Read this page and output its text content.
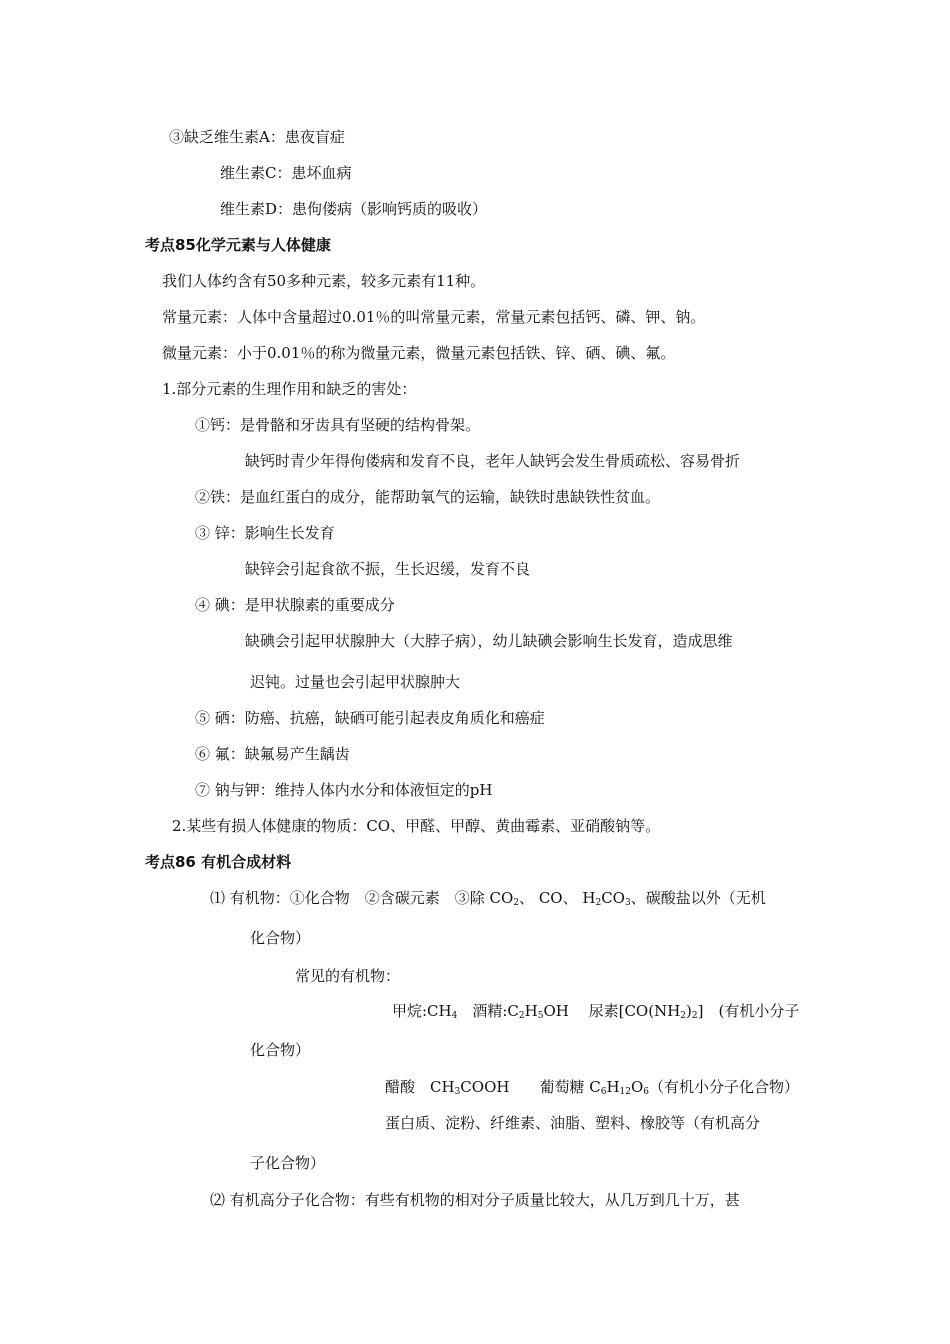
③缺乏维生素A：患夜盲症
维生素C：患坏血病
维生素D：患佝偻病（影响钙质的吸收）
考点85化学元素与人体健康
我们人体约含有50多种元素，较多元素有11种。
常量元素：人体中含量超过0.01％的叫常量元素，常量元素包括钙、磷、钾、钠。
微量元素：小于0.01％的称为微量元素，微量元素包括铁、锌、硒、碘、氟。
1.部分元素的生理作用和缺乏的害处：
①钙：是骨骼和牙齿具有坚硬的结构骨架。
缺钙时青少年得佝偻病和发育不良，老年人缺钙会发生骨质疏松、容易骨折
②铁：是血红蛋白的成分，能帮助氧气的运输，缺铁时患缺铁性贫血。
③ 锌：影响生长发育
缺锌会引起食欲不振，生长迟缓，发育不良
④ 碘：是甲状腺素的重要成分
缺碘会引起甲状腺肿大（大脖子病），幼儿缺碘会影响生长发育，造成思维
迟钝。过量也会引起甲状腺肿大
⑤ 硒：防癌、抗癌，缺硒可能引起表皮角质化和癌症
⑥ 氟：缺氟易产生龋齿
⑦ 钠与钾：维持人体内水分和体液恒定的pH
2.某些有损人体健康的物质：CO、甲醛、甲醇、黄曲霉素、亚硝酸钠等。
考点86 有机合成材料
⑴ 有机物：①化合物　②含碳元素　③除 $CO_2$、 CO、 $H_2CO_3$、碳酸盐以外（无机
化合物）
常见的有机物：
甲烷$:CH_4$　酒精$:C_2H_5OH$　 尿素$[CO(NH_2)_2]$　(有机小分子
化合物）
醋酸　$CH_3COOH$　　葡萄糖 $C_6H_{12}O_6$（有机小分子化合物）
蛋白质、淀粉、纤维素、油脂、塑料、橡胶等（有机高分
子化合物）
⑵ 有机高分子化合物：有些有机物的相对分子质量比较大，从几万到几十万，甚
